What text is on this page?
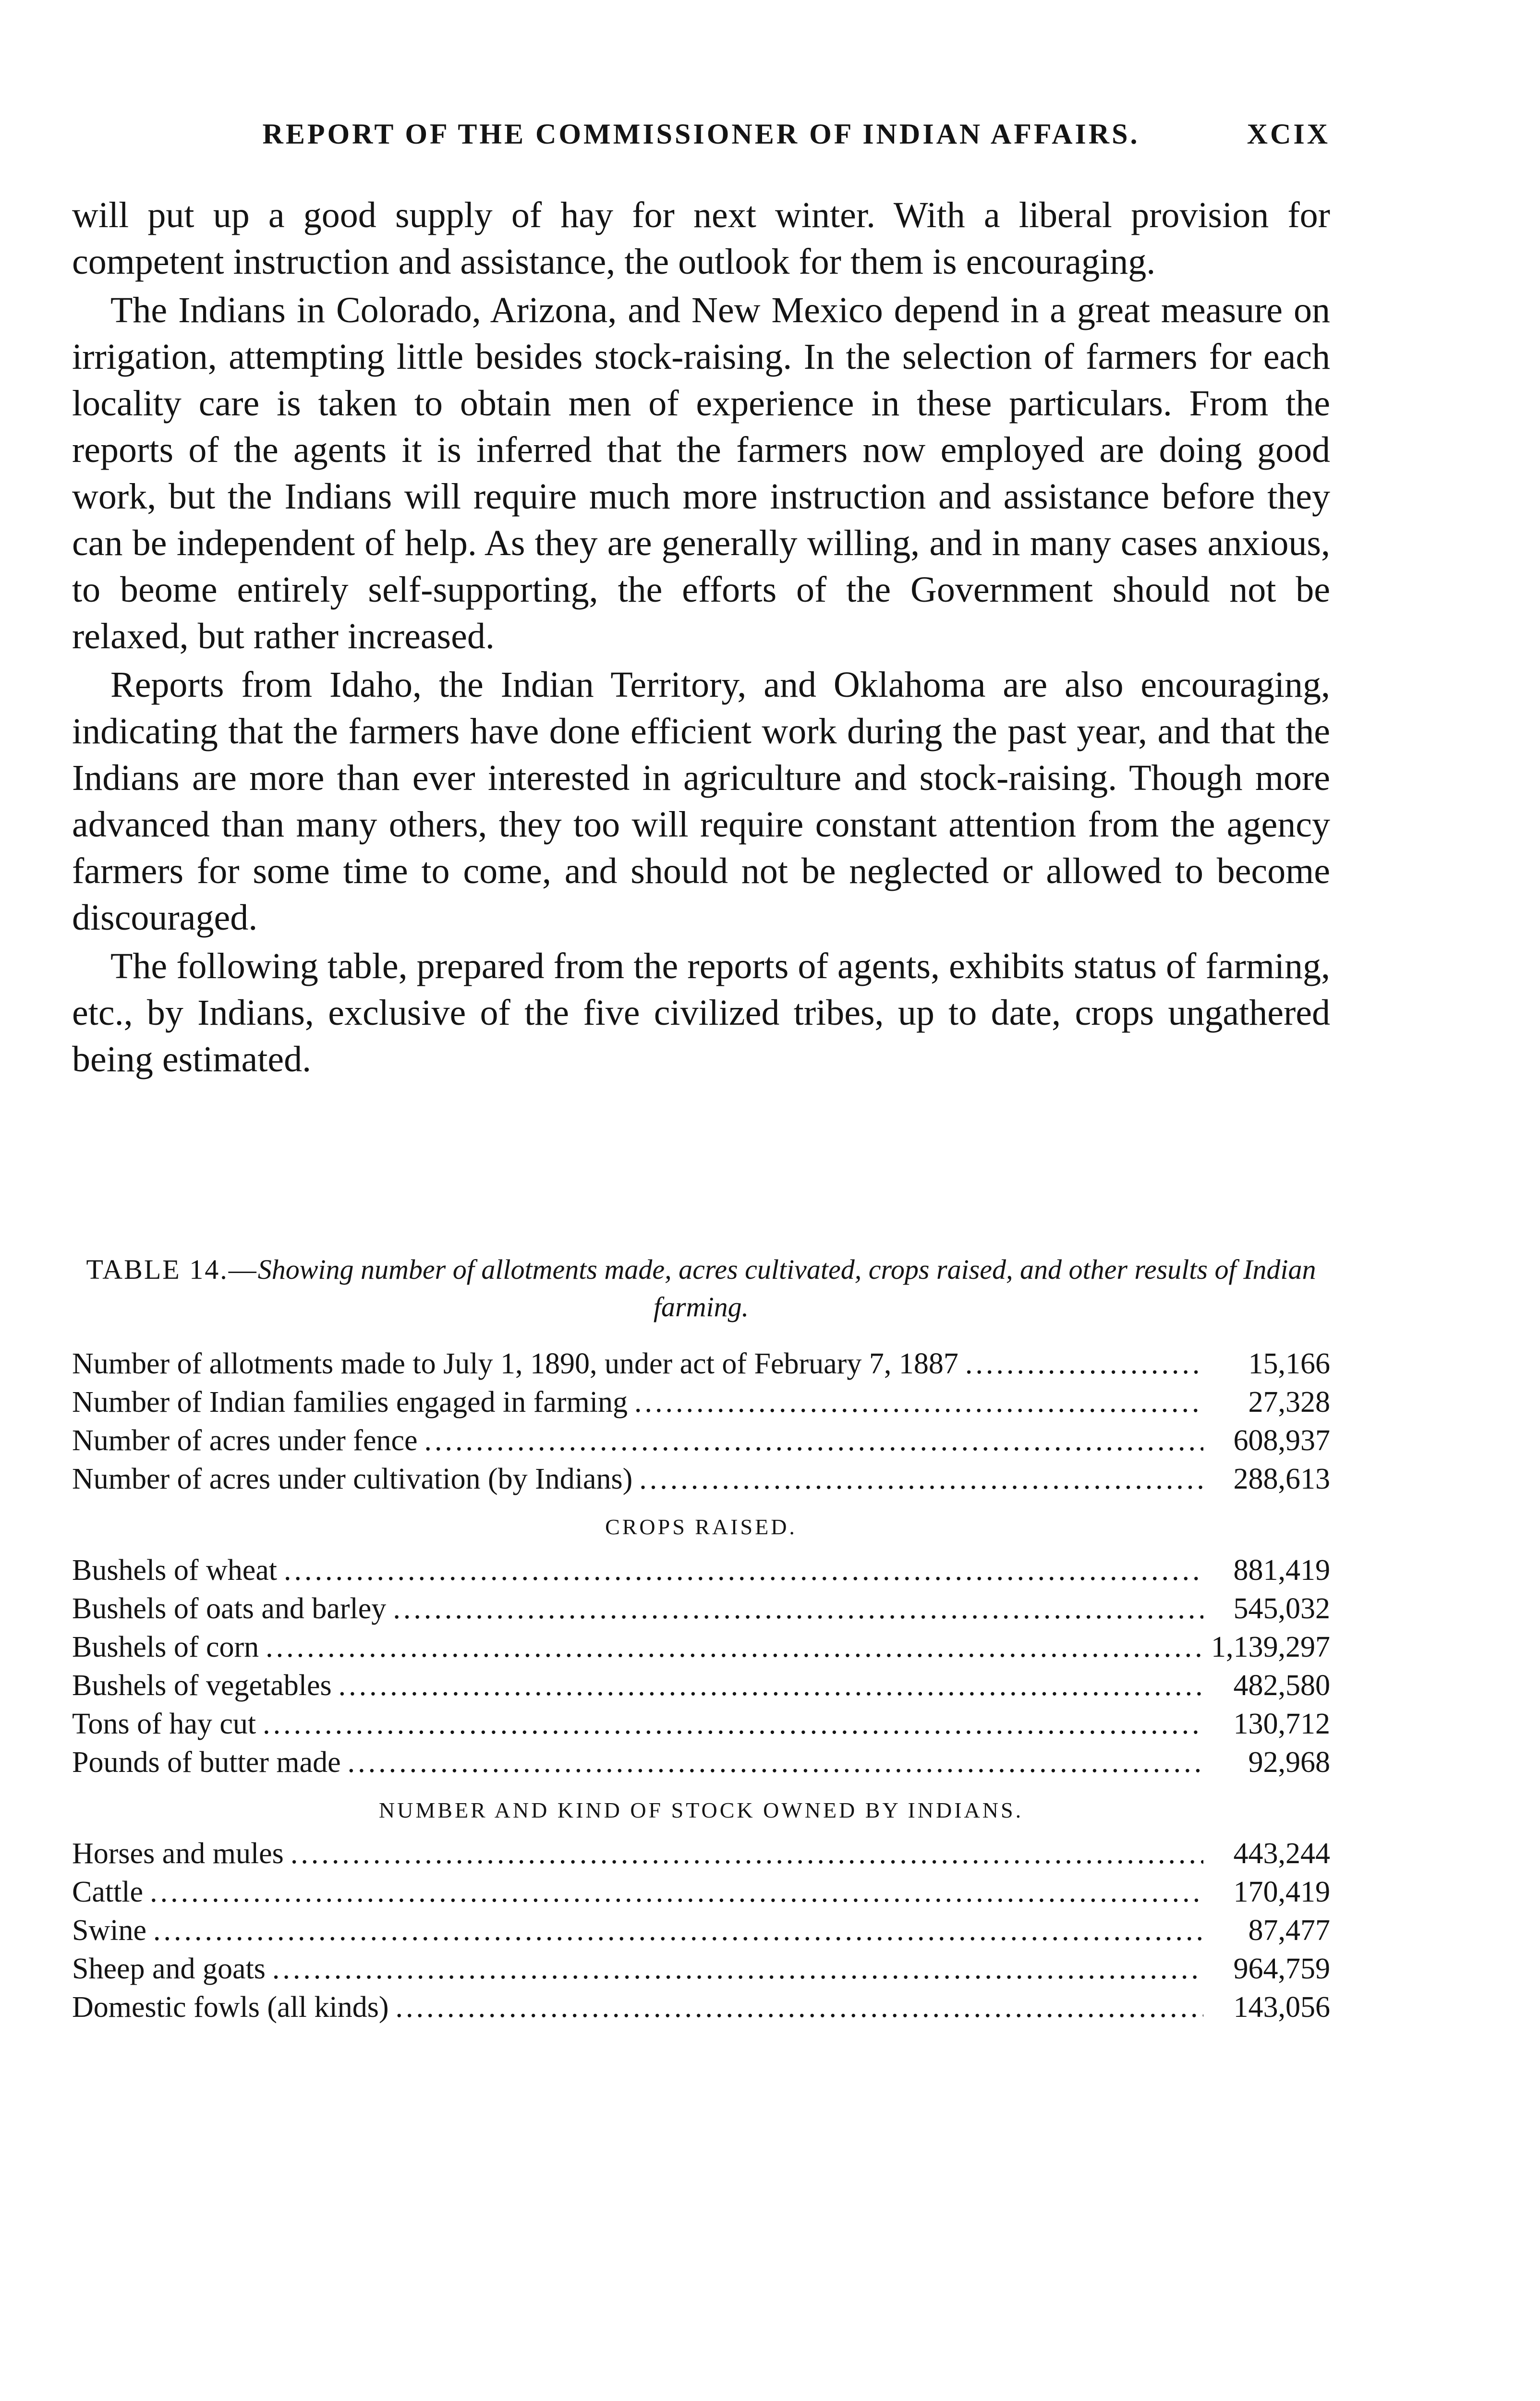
REPORT OF THE COMMISSIONER OF INDIAN AFFAIRS.	XCIX

will put up a good supply of hay for next winter. With a liberal provision for competent instruction and assistance, the outlook for them is encouraging.

The Indians in Colorado, Arizona, and New Mexico depend in a great measure on irrigation, attempting little besides stock-raising. In the selection of farmers for each locality care is taken to obtain men of experience in these particulars. From the reports of the agents it is inferred that the farmers now employed are doing good work, but the Indians will require much more instruction and assistance before they can be independent of help. As they are generally willing, and in many cases anxious, to beome entirely self-supporting, the efforts of the Government should not be relaxed, but rather increased.

Reports from Idaho, the Indian Territory, and Oklahoma are also encouraging, indicating that the farmers have done efficient work during the past year, and that the Indians are more than ever interested in agriculture and stock-raising. Though more advanced than many others, they too will require constant attention from the agency farmers for some time to come, and should not be neglected or allowed to become discouraged.

The following table, prepared from the reports of agents, exhibits status of farming, etc., by Indians, exclusive of the five civilized tribes, up to date, crops ungathered being estimated.

TABLE 14.—Showing number of allotments made, acres cultivated, crops raised, and other results of Indian farming.
Number of allotments made to July 1, 1890, under act of February 7, 1887 .....	15,166
Number of Indian families engaged in farming .....	27,328
Number of acres under fence .....	608,937
Number of acres under cultivation (by Indians) .....	288,613
CROPS RAISED.
Bushels of wheat .....	881,419
Bushels of oats and barley .....	545,032
Bushels of corn .....	1,139,297
Bushels of vegetables .....	482,580
Tons of hay cut .....	130,712
Pounds of butter made .....	92,968
NUMBER AND KIND OF STOCK OWNED BY INDIANS.
Horses and mules .....	443,244
Cattle .....	170,419
Swine .....	87,477
Sheep and goats .....	964,759
Domestic fowls (all kinds) .....	143,056
